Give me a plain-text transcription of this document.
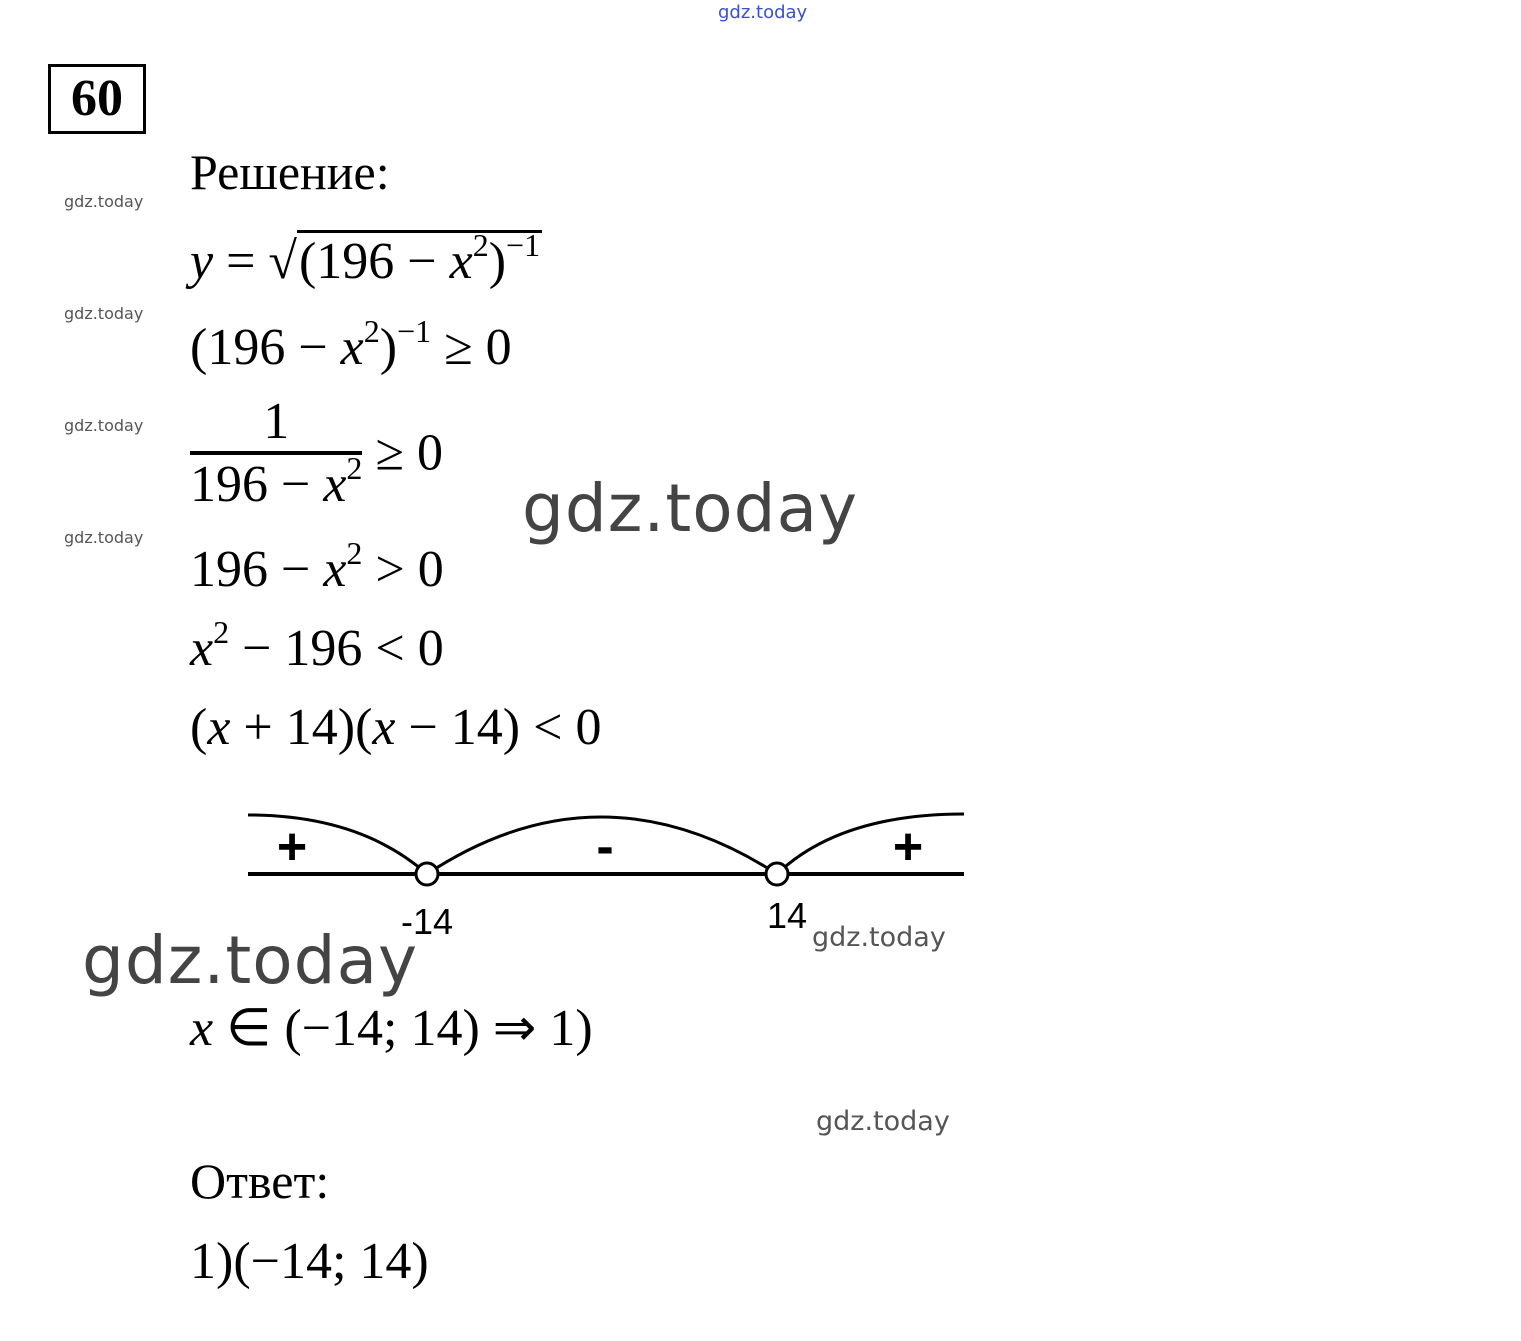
gdz.today
60
gdz.today
gdz.today
gdz.today
gdz.today
Решение:
$y = √(196 - x^2)^{-1}$
$(196 - x^2)^{-1} \ge 0$
$\frac{1}{196 - x^2} \ge 0$
gdz.today
$196 - x^2 > 0$
$x^2 - 196 < 0$
(x + 14)(x − 14) < 0
+	-	+
-14	14
gdz.today
gdz.today
x ∈ (−14; 14) ⇒ 1)
gdz.today
Ответ:
1)(−14; 14)
